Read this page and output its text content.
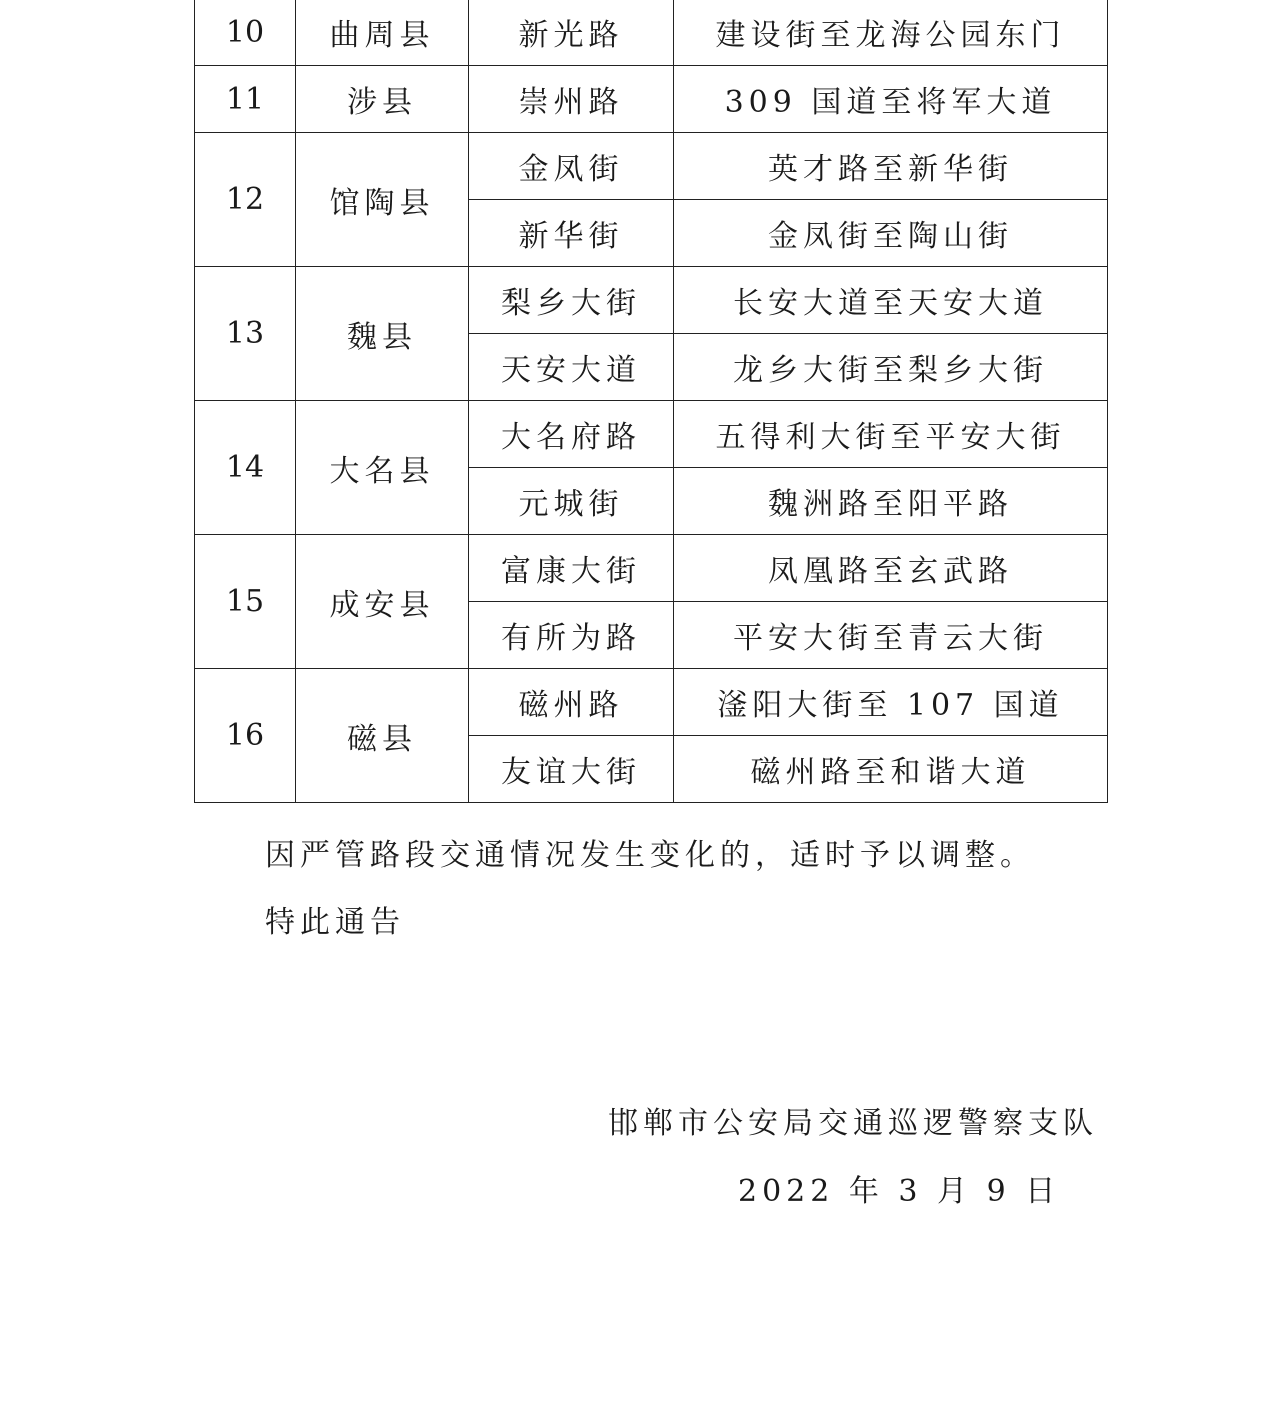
10	曲周县	新光路	建设街至龙海公园东门
11	涉县	崇州路	309 国道至将军大道
12	馆陶县	金凤街	英才路至新华街
		新华街	金凤街至陶山街
13	魏县	梨乡大街	长安大道至天安大道
		天安大道	龙乡大街至梨乡大街
14	大名县	大名府路	五得利大街至平安大街
		元城街	魏洲路至阳平路
15	成安县	富康大街	凤凰路至玄武路
		有所为路	平安大街至青云大街
16	磁县	磁州路	滏阳大街至 107 国道
		友谊大街	磁州路至和谐大道
因严管路段交通情况发生变化的，适时予以调整。
特此通告
邯郸市公安局交通巡逻警察支队
2022 年 3 月 9 日
